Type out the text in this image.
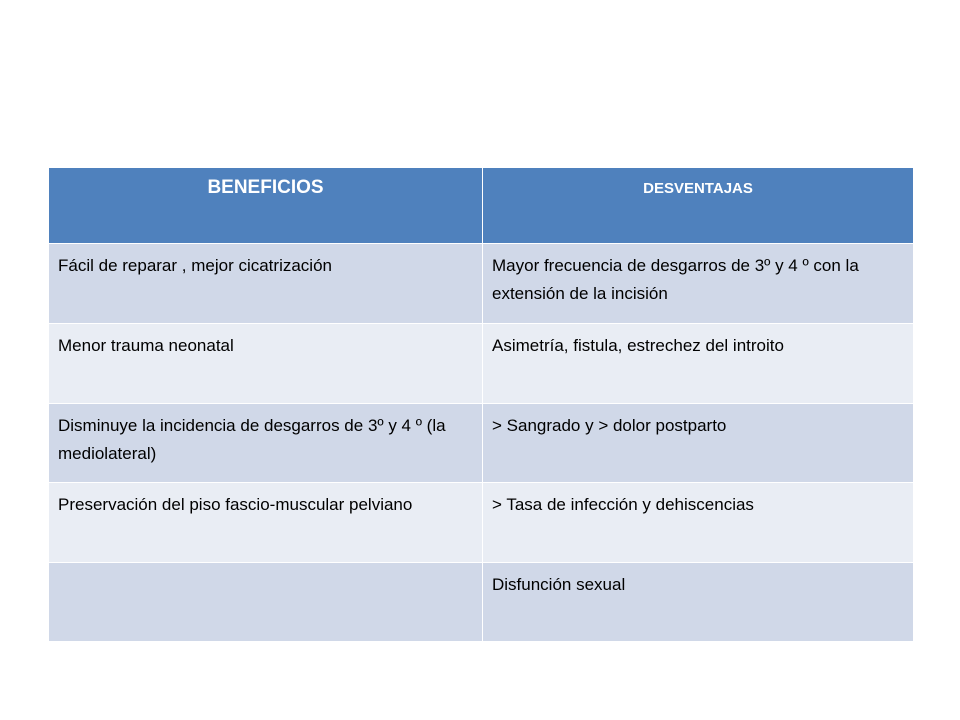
BENEFICIOS	DESVENTAJAS

Fácil de reparar , mejor cicatrización	Mayor frecuencia de desgarros de 3º y 4 º con la extensión de la incisión
Menor trauma neonatal	Asimetría, fistula, estrechez del introito
Disminuye la incidencia de desgarros de 3º y 4 º (la mediolateral)	> Sangrado y > dolor postparto
Preservación del piso fascio-muscular pelviano	> Tasa de infección y dehiscencias
	Disfunción sexual
